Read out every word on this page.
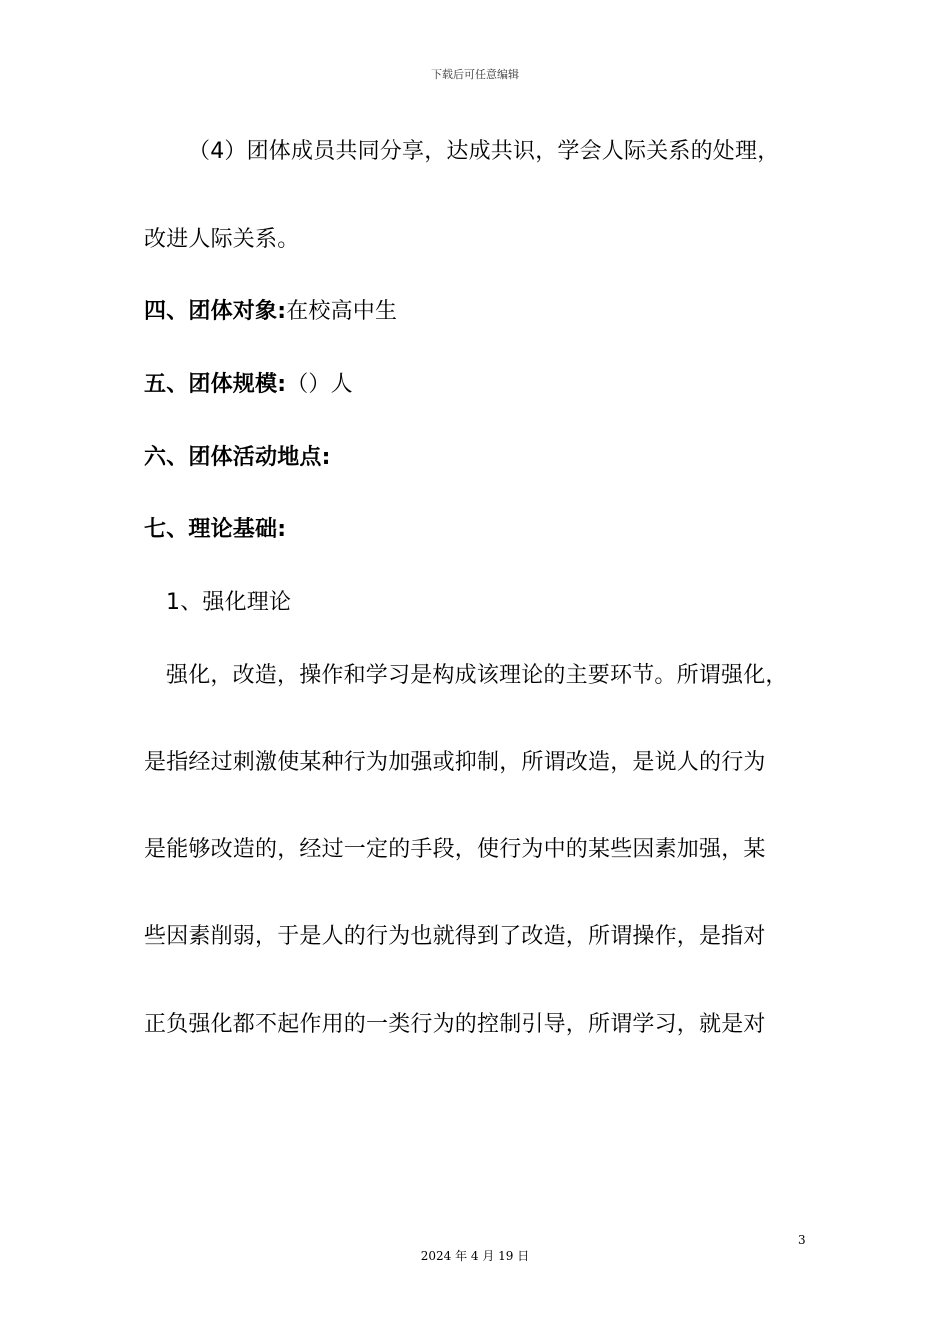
下载后可任意编辑
（4）团体成员共同分享，达成共识，学会人际关系的处理，
改进人际关系。
四、团体对象:在校高中生
五、团体规模:（）人
六、团体活动地点:
七、理论基础:
1、强化理论
强化，改造，操作和学习是构成该理论的主要环节。所谓强化，
是指经过刺激使某种行为加强或抑制，所谓改造，是说人的行为
是能够改造的，经过一定的手段，使行为中的某些因素加强，某
些因素削弱，于是人的行为也就得到了改造，所谓操作，是指对
正负强化都不起作用的一类行为的控制引导，所谓学习，就是对
3
2024 年 4 月 19 日
